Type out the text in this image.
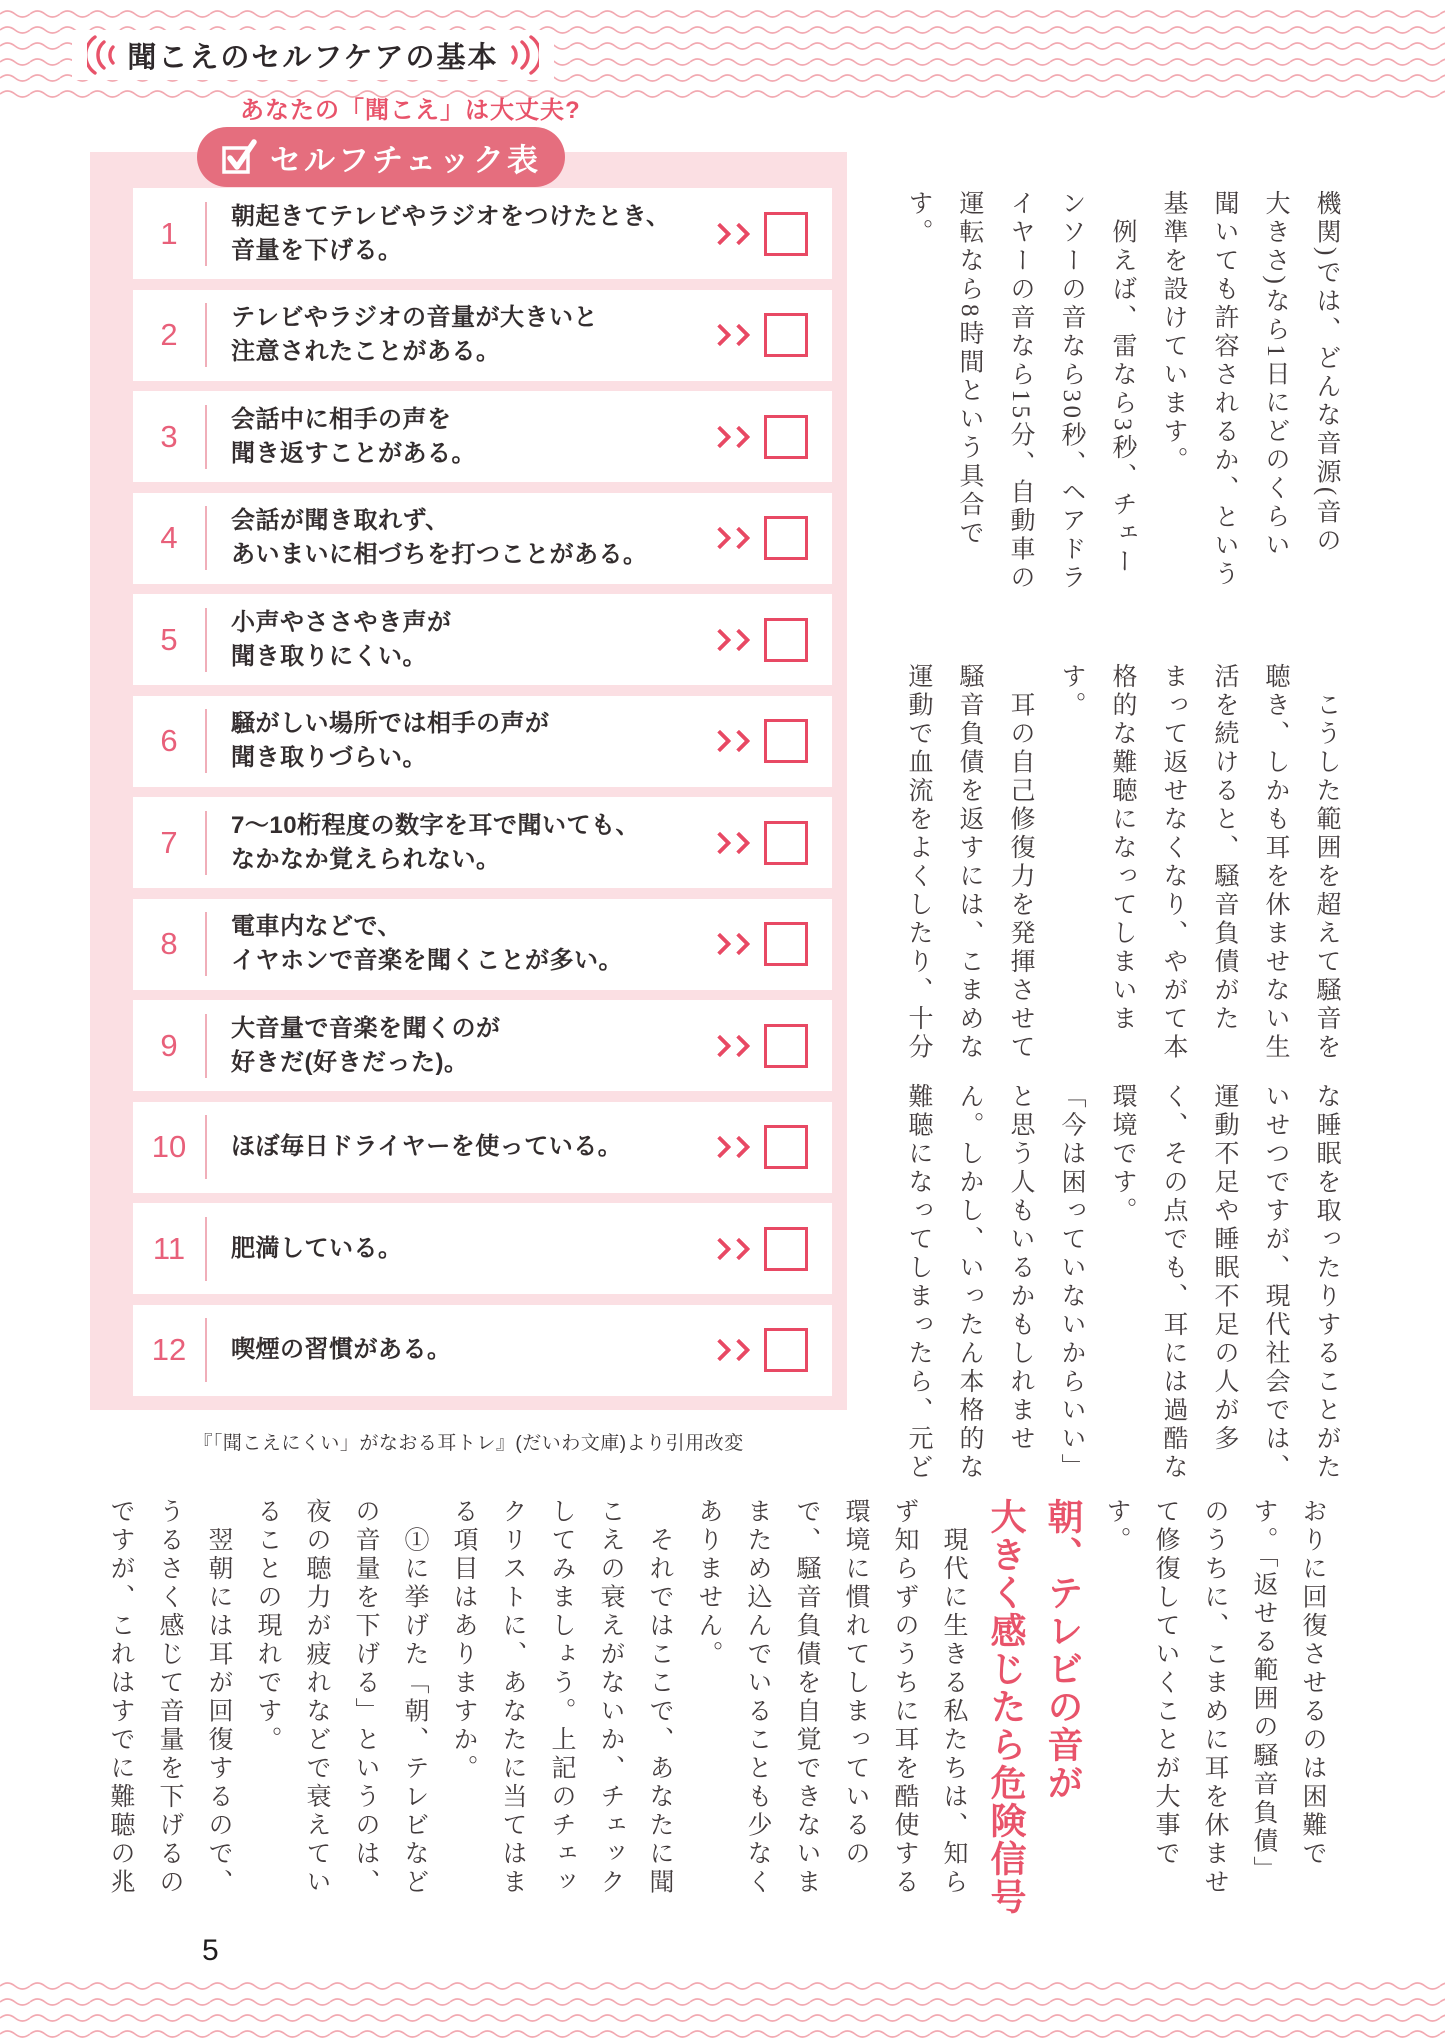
聞こえのセルフケアの基本
あなたの「聞こえ」は大丈夫?
1	朝起きてテレビやラジオをつけたとき、
音量を下げる。
2	テレビやラジオの音量が大きいと
注意されたことがある。
3	会話中に相手の声を
聞き返すことがある。
4	会話が聞き取れず、
あいまいに相づちを打つことがある。
5	小声やささやき声が
聞き取りにくい。
6	騒がしい場所では相手の声が
聞き取りづらい。
7	7〜10桁程度の数字を耳で聞いても、
なかなか覚えられない。
8	電車内などで、
イヤホンで音楽を聞くことが多い。
9	大音量で音楽を聞くのが
好きだ(好きだった)。
10	ほぼ毎日ドライヤーを使っている。
11	肥満している。
12	喫煙の習慣がある。
セルフチェック表
『「聞こえにくい」がなおる耳トレ』(だいわ文庫)より引用改変
機関)では、どんな音源(音の
大きさ)なら1日にどのくらい
聞いても許容されるか、という
基準を設けています。
　例えば、雷なら3秒、チェー
ンソーの音なら30秒、ヘアドラ
イヤーの音なら15分、自動車の
運転なら8時間という具合で
す。
　こうした範囲を超えて騒音を
聴き、しかも耳を休ませない生
活を続けると、騒音負債がた
まって返せなくなり、やがて本
格的な難聴になってしまいま
す。
　耳の自己修復力を発揮させて
騒音負債を返すには、こまめな
運動で血流をよくしたり、十分
な睡眠を取ったりすることがた
いせつですが、現代社会では、
運動不足や睡眠不足の人が多
く、その点でも、耳には過酷な
環境です。
「今は困っていないからいい」
と思う人もいるかもしれませ
ん。しかし、いったん本格的な
難聴になってしまったら、元ど
おりに回復させるのは困難で
す。「返せる範囲の騒音負債」
のうちに、こまめに耳を休ませ
て修復していくことが大事で
す。
朝、テレビの音が
大きく感じたら危険信号
　現代に生きる私たちは、知ら
ず知らずのうちに耳を酷使する
環境に慣れてしまっているの
で、騒音負債を自覚できないま
まため込んでいることも少なく
ありません。
　それではここで、あなたに聞
こえの衰えがないか、チェック
してみましょう。上記のチェッ
クリストに、あなたに当てはま
る項目はありますか。
　①に挙げた「朝、テレビなど
の音量を下げる」というのは、
夜の聴力が疲れなどで衰えてい
ることの現れです。
　翌朝には耳が回復するので、
うるさく感じて音量を下げるの
ですが、これはすでに難聴の兆
5
